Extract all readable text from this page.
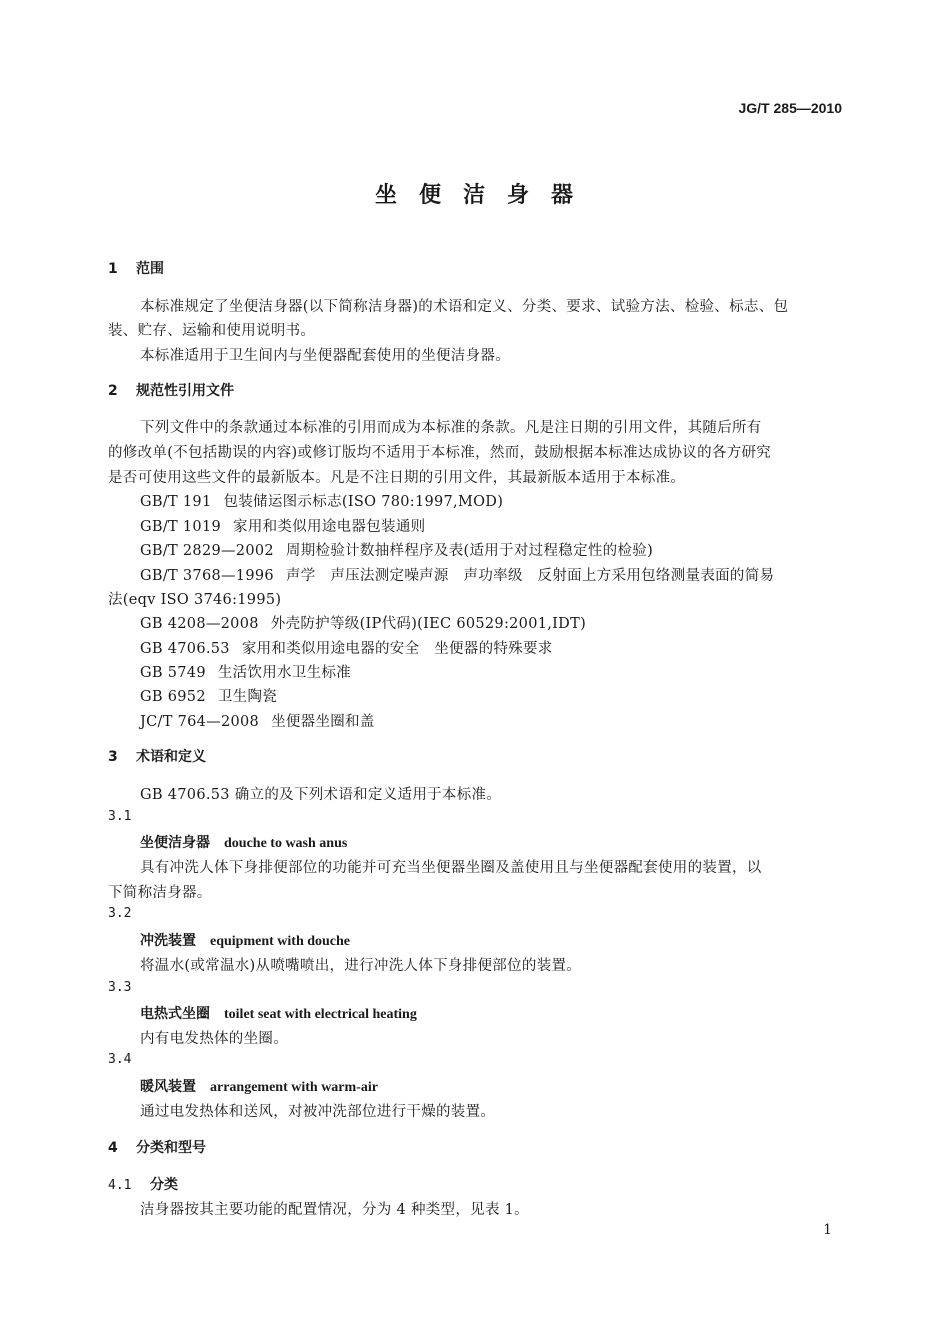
JG/T 285—2010
坐便洁身器
1 范围
本标准规定了坐便洁身器(以下简称洁身器)的术语和定义、分类、要求、试验方法、检验、标志、包
装、贮存、运输和使用说明书。
本标准适用于卫生间内与坐便器配套使用的坐便洁身器。
2 规范性引用文件
下列文件中的条款通过本标准的引用而成为本标准的条款。凡是注日期的引用文件，其随后所有
的修改单(不包括勘误的内容)或修订版均不适用于本标准，然而，鼓励根据本标准达成协议的各方研究
是否可使用这些文件的最新版本。凡是不注日期的引用文件，其最新版本适用于本标准。
GB/T 191 包装储运图示标志(ISO 780:1997,MOD)
GB/T 1019 家用和类似用途电器包装通则
GB/T 2829—2002 周期检验计数抽样程序及表(适用于对过程稳定性的检验)
GB/T 3768—1996 声学　声压法测定噪声源　声功率级　反射面上方采用包络测量表面的简易
法(eqv ISO 3746:1995)
GB 4208—2008 外壳防护等级(IP代码)(IEC 60529:2001,IDT)
GB 4706.53 家用和类似用途电器的安全　坐便器的特殊要求
GB 5749 生活饮用水卫生标准
GB 6952 卫生陶瓷
JC/T 764—2008 坐便器坐圈和盖
3 术语和定义
GB 4706.53 确立的及下列术语和定义适用于本标准。
3.1
坐便洁身器 douche to wash anus
具有冲洗人体下身排便部位的功能并可充当坐便器坐圈及盖使用且与坐便器配套使用的装置，以
下简称洁身器。
3.2
冲洗装置 equipment with douche
将温水(或常温水)从喷嘴喷出，进行冲洗人体下身排便部位的装置。
3.3
电热式坐圈 toilet seat with electrical heating
内有电发热体的坐圈。
3.4
暖风装置 arrangement with warm-air
通过电发热体和送风，对被冲洗部位进行干燥的装置。
4 分类和型号
4.1 分类
洁身器按其主要功能的配置情况，分为 4 种类型，见表 1。
1
